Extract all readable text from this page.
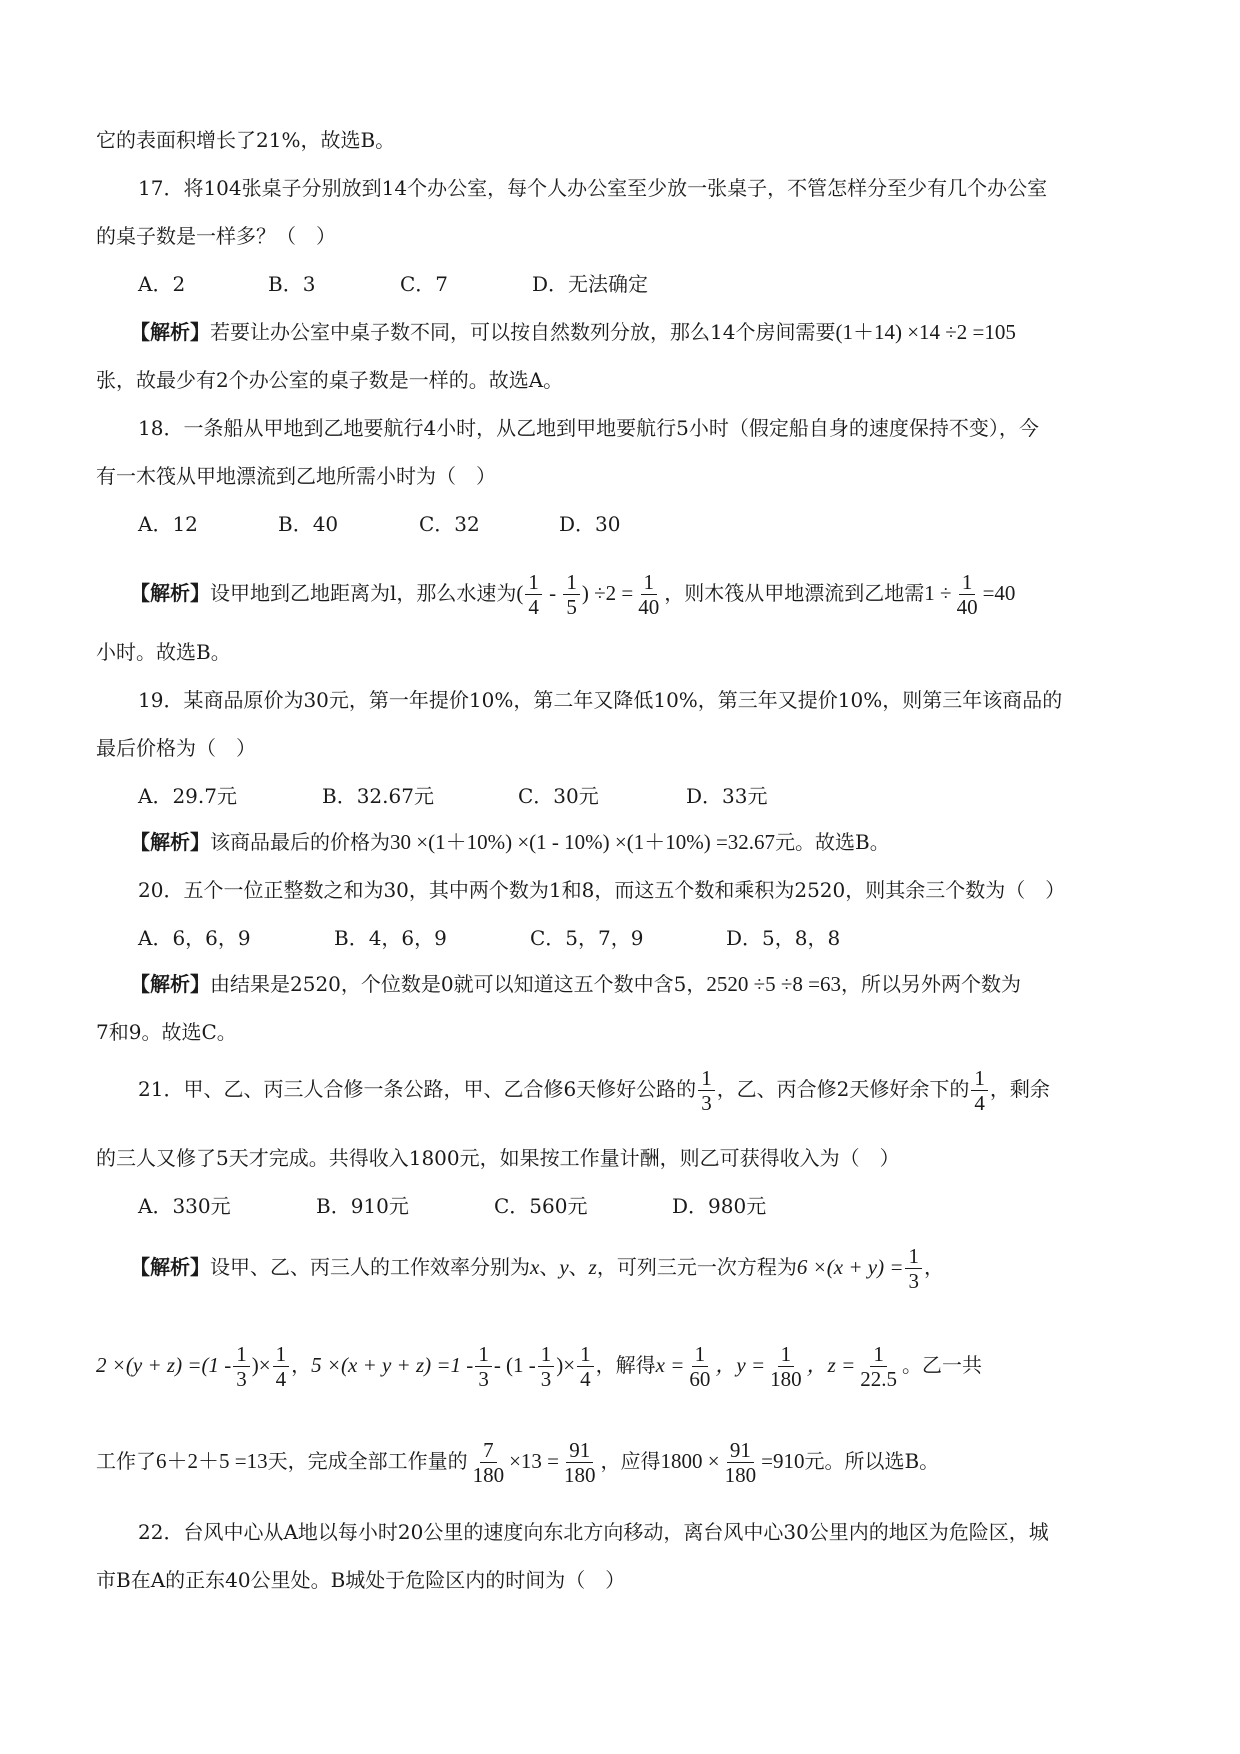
它的表面积增长了21%，故选B。
17．将104张桌子分别放到14个办公室，每个人办公室至少放一张桌子，不管怎样分至少有几个办公室
的桌子数是一样多？（　）
A．2	B．3	C．7	D．无法确定
【解析】若要让办公室中桌子数不同，可以按自然数列分放，那么14个房间需要(1＋14) ×14 ÷2 =105
张，故最少有2个办公室的桌子数是一样的。故选A。
18．一条船从甲地到乙地要航行4小时，从乙地到甲地要航行5小时（假定船自身的速度保持不变），今
有一木筏从甲地漂流到乙地所需小时为（　）
A．12	B．40	C．32	D．30
【解析】设甲地到乙地距离为l，那么水速为( $\frac{1}{4} - \frac{1}{5}$ ) $\div 2 = \frac{1}{40}$ ，则木筏从甲地漂流到乙地需$1 \div \frac{1}{40} =40$
小时。故选B。
19．某商品原价为30元，第一年提价10%，第二年又降低10%，第三年又提价10%，则第三年该商品的
最后价格为（　）
A．29.7元	B．32.67元	C．30元	D．33元
【解析】该商品最后的价格为30 ×(1＋10%) ×(1 - 10%) ×(1＋10%) =32.67元。故选B。
20．五个一位正整数之和为30，其中两个数为1和8，而这五个数和乘积为2520，则其余三个数为（　）
A．6，6，9	B．4，6，9	C．5，7，9	D．5，8，8
【解析】由结果是2520，个位数是0就可以知道这五个数中含5，2520 ÷5 ÷8 =63，所以另外两个数为
7和9。故选C。
21．甲、乙、丙三人合修一条公路，甲、乙合修6天修好公路的 $\frac{1}{3}$ ，乙、丙合修2天修好余下的 $\frac{1}{4}$ ，剩余
的三人又修了5天才完成。共得收入1800元，如果按工作量计酬，则乙可获得收入为（　）
A．330元	B．910元	C．560元	D．980元
【解析】设甲、乙、丙三人的工作效率分别为x、y、z，可列三元一次方程为$6 \times(x + y) = \frac{1}{3}$ ，
$2 \times(y + z) =(1 - \frac{1}{3}$ )× $\frac{1}{4}$ ，$5 \times(x + y + z) =1 - \frac{1}{3} - (1 - \frac{1}{3}$ )× $\frac{1}{4}$ ，解得$x = \frac{1}{60}$ ，$y = \frac{1}{180}$ ，$z = \frac{1}{22.5}$ 。乙一共
工作了6＋2＋5 =13天，完成全部工作量的 $\frac{7}{180} \times 13 = \frac{91}{180}$ ，应得$1800 \times \frac{91}{180} =910$元。所以选B。
22．台风中心从A地以每小时20公里的速度向东北方向移动，离台风中心30公里内的地区为危险区，城
市B在A的正东40公里处。B城处于危险区内的时间为（　）
